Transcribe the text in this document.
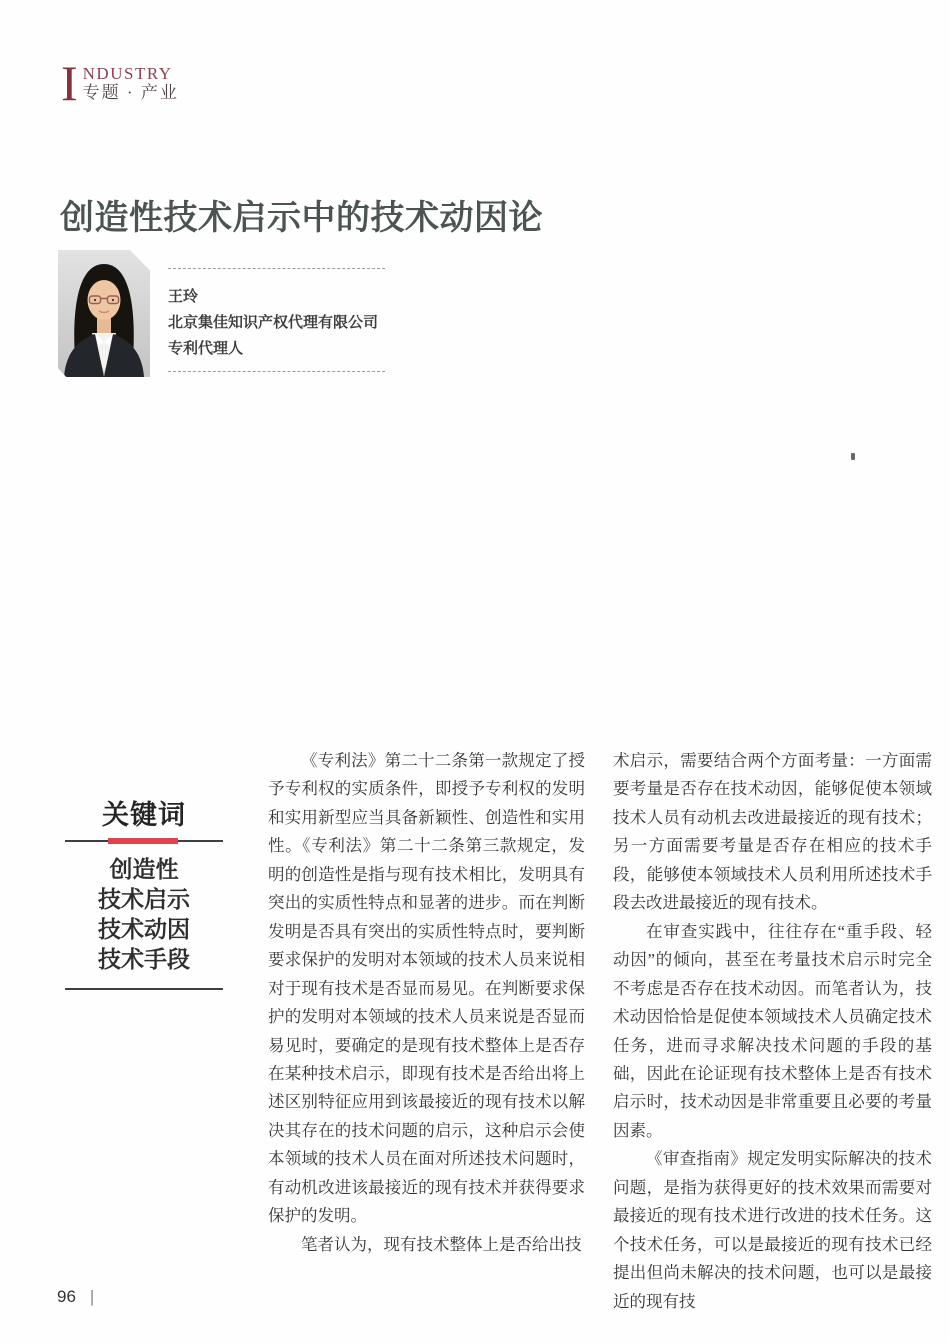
I NDUSTRY
专题 · 产业
创造性技术启示中的技术动因论
王玲
北京集佳知识产权代理有限公司
专利代理人
关键词
创造性
技术启示
技术动因
技术手段

《专利法》第二十二条第一款规定了授予专利权的实质条件，即授予专利权的发明和实用新型应当具备新颖性、创造性和实用性。《专利法》第二十二条第三款规定，发明的创造性是指与现有技术相比，发明具有突出的实质性特点和显著的进步。而在判断发明是否具有突出的实质性特点时，要判断要求保护的发明对本领域的技术人员来说相对于现有技术是否显而易见。在判断要求保护的发明对本领域的技术人员来说是否显而易见时，要确定的是现有技术整体上是否存在某种技术启示，即现有技术是否给出将上述区别特征应用到该最接近的现有技术以解决其存在的技术问题的启示，这种启示会使本领域的技术人员在面对所述技术问题时，有动机改进该最接近的现有技术并获得要求保护的发明。

笔者认为，现有技术整体上是否给出技

术启示，需要结合两个方面考量：一方面需要考量是否存在技术动因，能够促使本领域技术人员有动机去改进最接近的现有技术；另一方面需要考量是否存在相应的技术手段，能够使本领域技术人员利用所述技术手段去改进最接近的现有技术。

在审查实践中，往往存在“重手段、轻动因”的倾向，甚至在考量技术启示时完全不考虑是否存在技术动因。而笔者认为，技术动因恰恰是促使本领域技术人员确定技术任务，进而寻求解决技术问题的手段的基础，因此在论证现有技术整体上是否有技术启示时，技术动因是非常重要且必要的考量因素。

《审查指南》规定发明实际解决的技术问题，是指为获得更好的技术效果而需要对最接近的现有技术进行改进的技术任务。这个技术任务，可以是最接近的现有技术已经提出但尚未解决的技术问题，也可以是最接近的现有技

96 |
